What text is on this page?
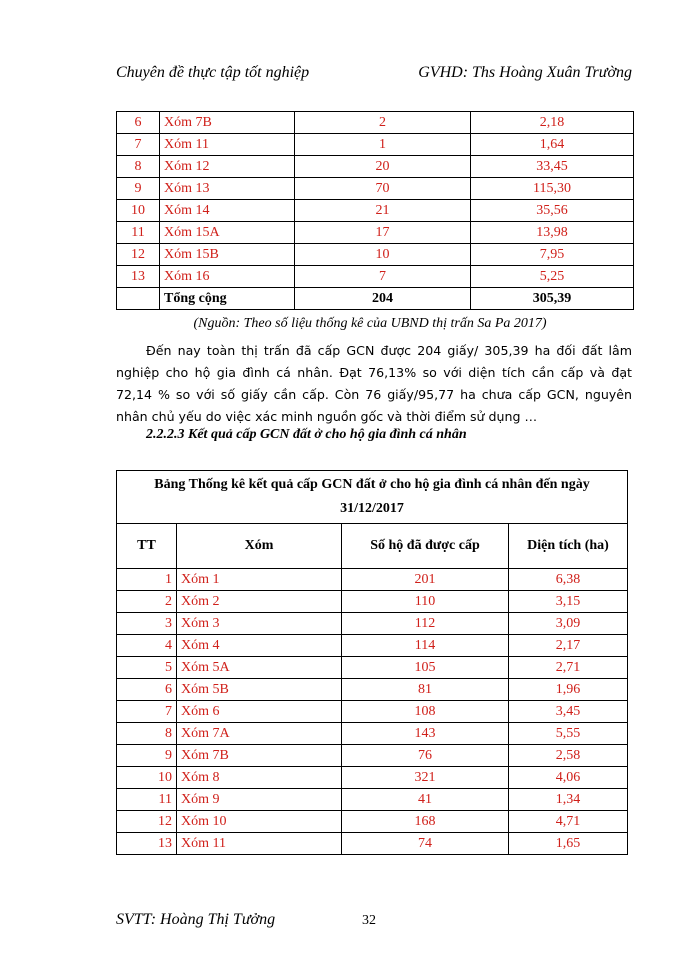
Chuyên đề thực tập tốt nghiệp	GVHD: Ths Hoàng Xuân Trường
6	Xóm 7B	2	2,18
7	Xóm 11	1	1,64
8	Xóm 12	20	33,45
9	Xóm 13	70	115,30
10	Xóm 14	21	35,56
11	Xóm 15A	17	13,98
12	Xóm 15B	10	7,95
13	Xóm 16	7	5,25
	Tổng cộng	204	305,39
(Nguồn: Theo số liệu thống kê của UBND thị trấn Sa Pa 2017)
Đến nay toàn thị trấn đã cấp GCN được 204 giấy/ 305,39 ha đối đất lâm nghiệp cho hộ gia đình cá nhân. Đạt 76,13% so với diện tích cần cấp và đạt 72,14 % so với số giấy cần cấp. Còn 76 giấy/95,77 ha chưa cấp GCN, nguyên nhân chủ yếu do việc xác minh nguồn gốc và thời điểm sử dụng …
2.2.2.3 Kết quả cấp GCN đất ở cho hộ gia đình cá nhân
Bảng Thống kê kết quả cấp GCN đất ở cho hộ gia đình cá nhân đến ngày 31/12/2017			
TT	Xóm	Số hộ đã được cấp	Diện tích (ha)
1	Xóm 1	201	6,38
2	Xóm 2	110	3,15
3	Xóm 3	112	3,09
4	Xóm 4	114	2,17
5	Xóm 5A	105	2,71
6	Xóm 5B	81	1,96
7	Xóm 6	108	3,45
8	Xóm 7A	143	5,55
9	Xóm 7B	76	2,58
10	Xóm 8	321	4,06
11	Xóm 9	41	1,34
12	Xóm 10	168	4,71
13	Xóm 11	74	1,65
SVTT: Hoàng Thị Tưởng	32
